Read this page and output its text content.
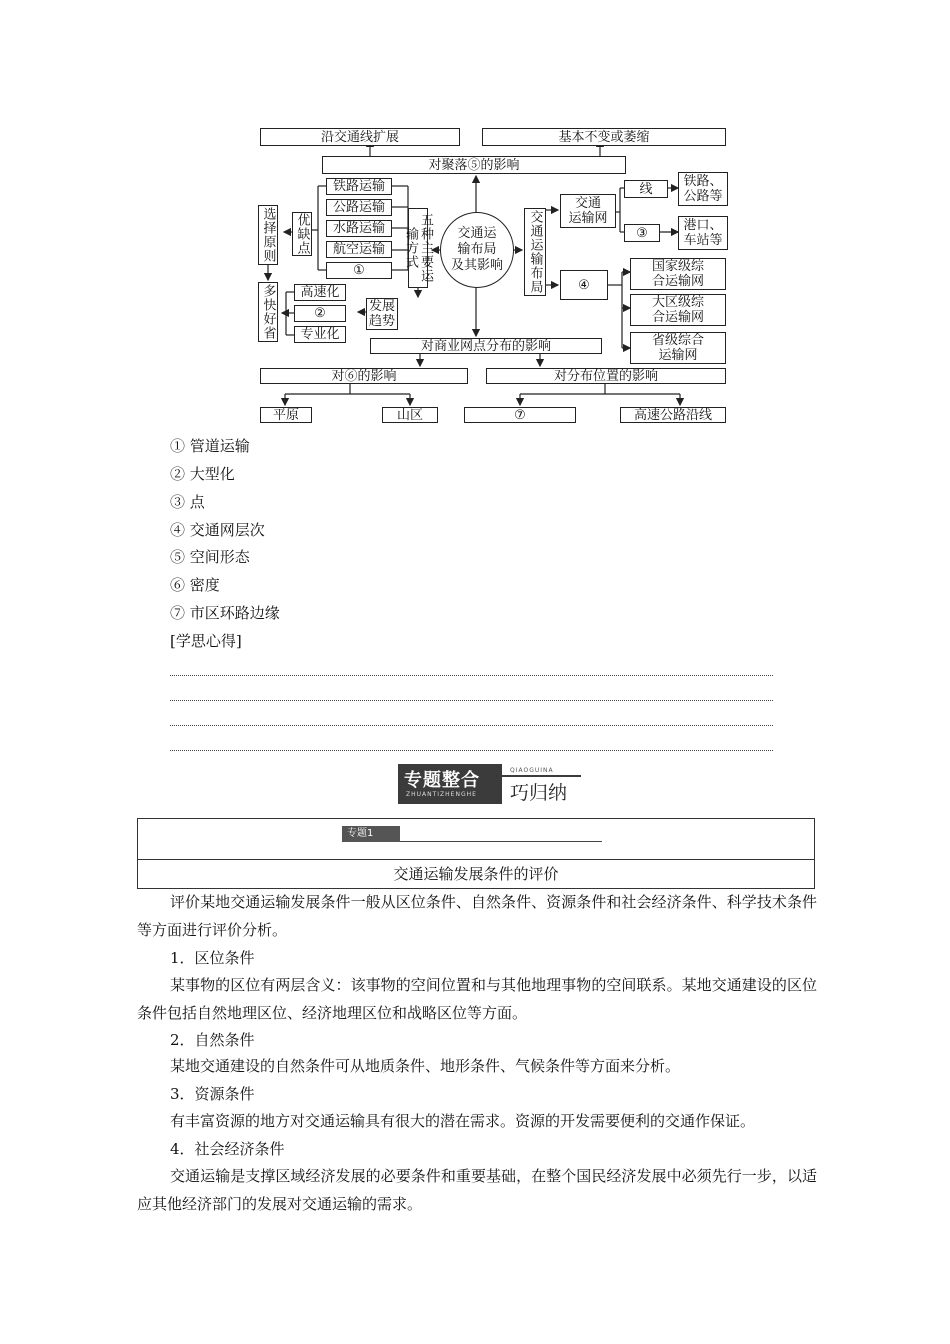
沿交通线扩展	基本不变或萎缩
对聚落⑤的影响
铁路运输
公路运输
水路运输
航空运输
①	五种主要运输方式
优缺点
选择原则
多快好省	高速化
②
专业化
发展趋势
交通运
输布局
及其影响	交通运输布局
交通
运输网
线	铁路、
公路等
③	港口、
车站等
④
国家级综
合运输网
大区级综
合运输网
省级综合
运输网
对商业网点分布的影响
对⑥的影响	对分布位置的影响
平原	山区	⑦	高速公路沿线
① 管道运输
② 大型化
③ 点
④ 交通网层次
⑤ 空间形态
⑥ 密度
⑦ 市区环路边缘
[学思心得]
专题整合
ZHUANTIZHENGHE
QIAOGUINA
巧归纳
专题1
交通运输发展条件的评价

评价某地交通运输发展条件一般从区位条件、自然条件、资源条件和社会经济条件、科学技术条件等方面进行评价分析。

1．区位条件

某事物的区位有两层含义：该事物的空间位置和与其他地理事物的空间联系。某地交通建设的区位条件包括自然地理区位、经济地理区位和战略区位等方面。

2．自然条件

某地交通建设的自然条件可从地质条件、地形条件、气候条件等方面来分析。

3．资源条件

有丰富资源的地方对交通运输具有很大的潜在需求。资源的开发需要便利的交通作保证。

4．社会经济条件

交通运输是支撑区域经济发展的必要条件和重要基础，在整个国民经济发展中必须先行一步，以适应其他经济部门的发展对交通运输的需求。
